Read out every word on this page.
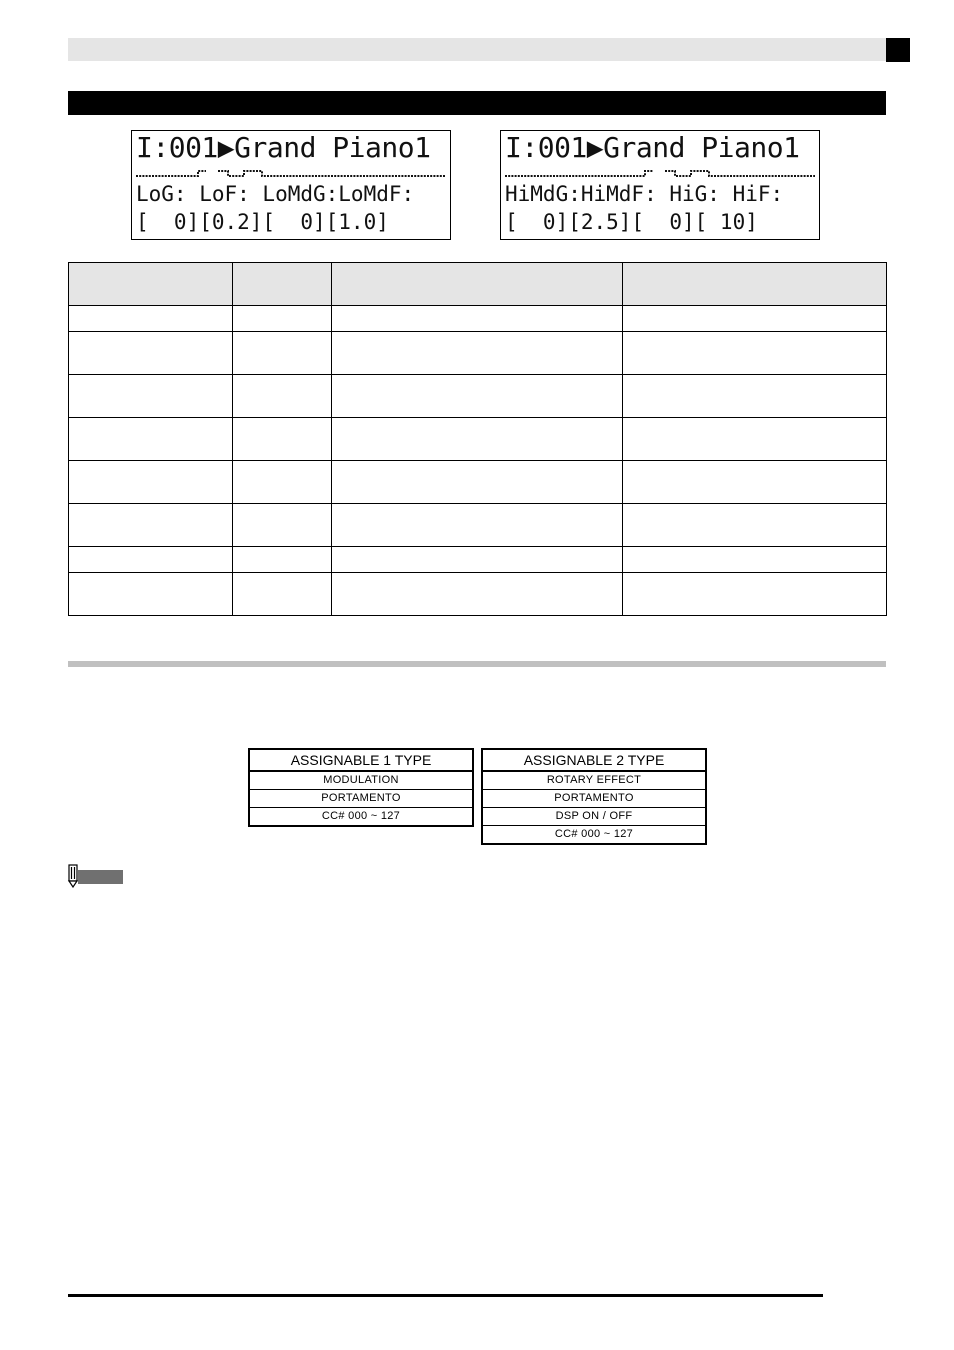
I:001▶Grand Piano1
LoG: LoF: LoMdG:LoMdF:
[  0][0.2][  0][1.0]
I:001▶Grand Piano1
HiMdG:HiMdF: HiG: HiF:
[  0][2.5][  0][ 10]

ASSIGNABLE 1 TYPE
MODULATION
PORTAMENTO
CC# 000 ~ 127
ASSIGNABLE 2 TYPE
ROTARY EFFECT
PORTAMENTO
DSP ON / OFF
CC# 000 ~ 127
